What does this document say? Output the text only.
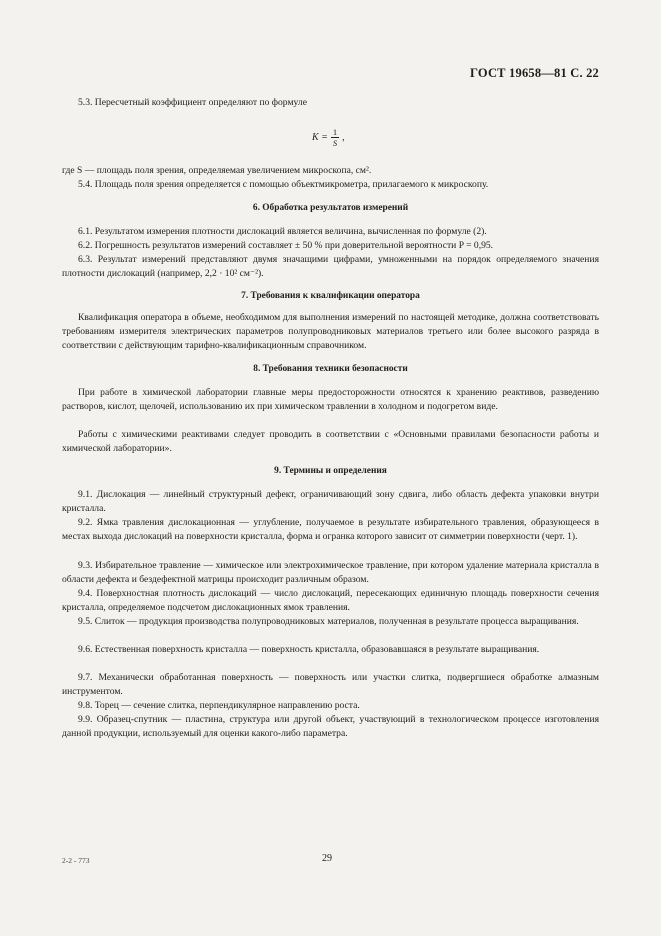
ГОСТ 19658—81 С. 22

5.3. Пересчетный коэффициент определяют по формуле

$K = \frac{1}{S}$ ,

где S — площадь поля зрения, определяемая увеличением микроскопа, см².

5.4. Площадь поля зрения определяется с помощью объектмикрометра, прилагаемого к микроскопу.

6. Обработка результатов измерений

6.1. Результатом измерения плотности дислокаций является величина, вычисленная по формуле (2).

6.2. Погрешность результатов измерений составляет ± 50 % при доверительной вероятности P = 0,95.

6.3. Результат измерений представляют двумя значащими цифрами, умноженными на порядок определяемого значения плотности дислокаций (например, 2,2 · 10² см⁻²).

7. Требования к квалификации оператора

Квалификация оператора в объеме, необходимом для выполнения измерений по настоящей методике, должна соответствовать требованиям измерителя электрических параметров полупроводниковых материалов третьего или более высокого разряда в соответствии с действующим тарифно-квалификационным справочником.

8. Требования техники безопасности

При работе в химической лаборатории главные меры предосторожности относятся к хранению реактивов, разведению растворов, кислот, щелочей, использованию их при химическом травлении в холодном и подогретом виде.

Работы с химическими реактивами следует проводить в соответствии с «Основными правилами безопасности работы и химической лаборатории».

9. Термины и определения

9.1. Дислокация — линейный структурный дефект, ограничивающий зону сдвига, либо область дефекта упаковки внутри кристалла.

9.2. Ямка травления дислокационная — углубление, получаемое в результате избирательного травления, образующееся в местах выхода дислокаций на поверхности кристалла, форма и огранка которого зависит от симметрии поверхности (черт. 1).

9.3. Избирательное травление — химическое или электрохимическое травление, при котором удаление материала кристалла в области дефекта и бездефектной матрицы происходит различным образом.

9.4. Поверхностная плотность дислокаций — число дислокаций, пересекающих единичную площадь поверхности сечения кристалла, определяемое подсчетом дислокационных ямок травления.

9.5. Слиток — продукция производства полупроводниковых материалов, полученная в результате процесса выращивания.

9.6. Естественная поверхность кристалла — поверхность кристалла, образовавшаяся в результате выращивания.

9.7. Механически обработанная поверхность — поверхность или участки слитка, подвергшиеся обработке алмазным инструментом.

9.8. Торец — сечение слитка, перпендикулярное направлению роста.

9.9. Образец-спутник — пластина, структура или другой объект, участвующий в технологическом процессе изготовления данной продукции, используемый для оценки какого-либо параметра.

2-2 - 773	29
